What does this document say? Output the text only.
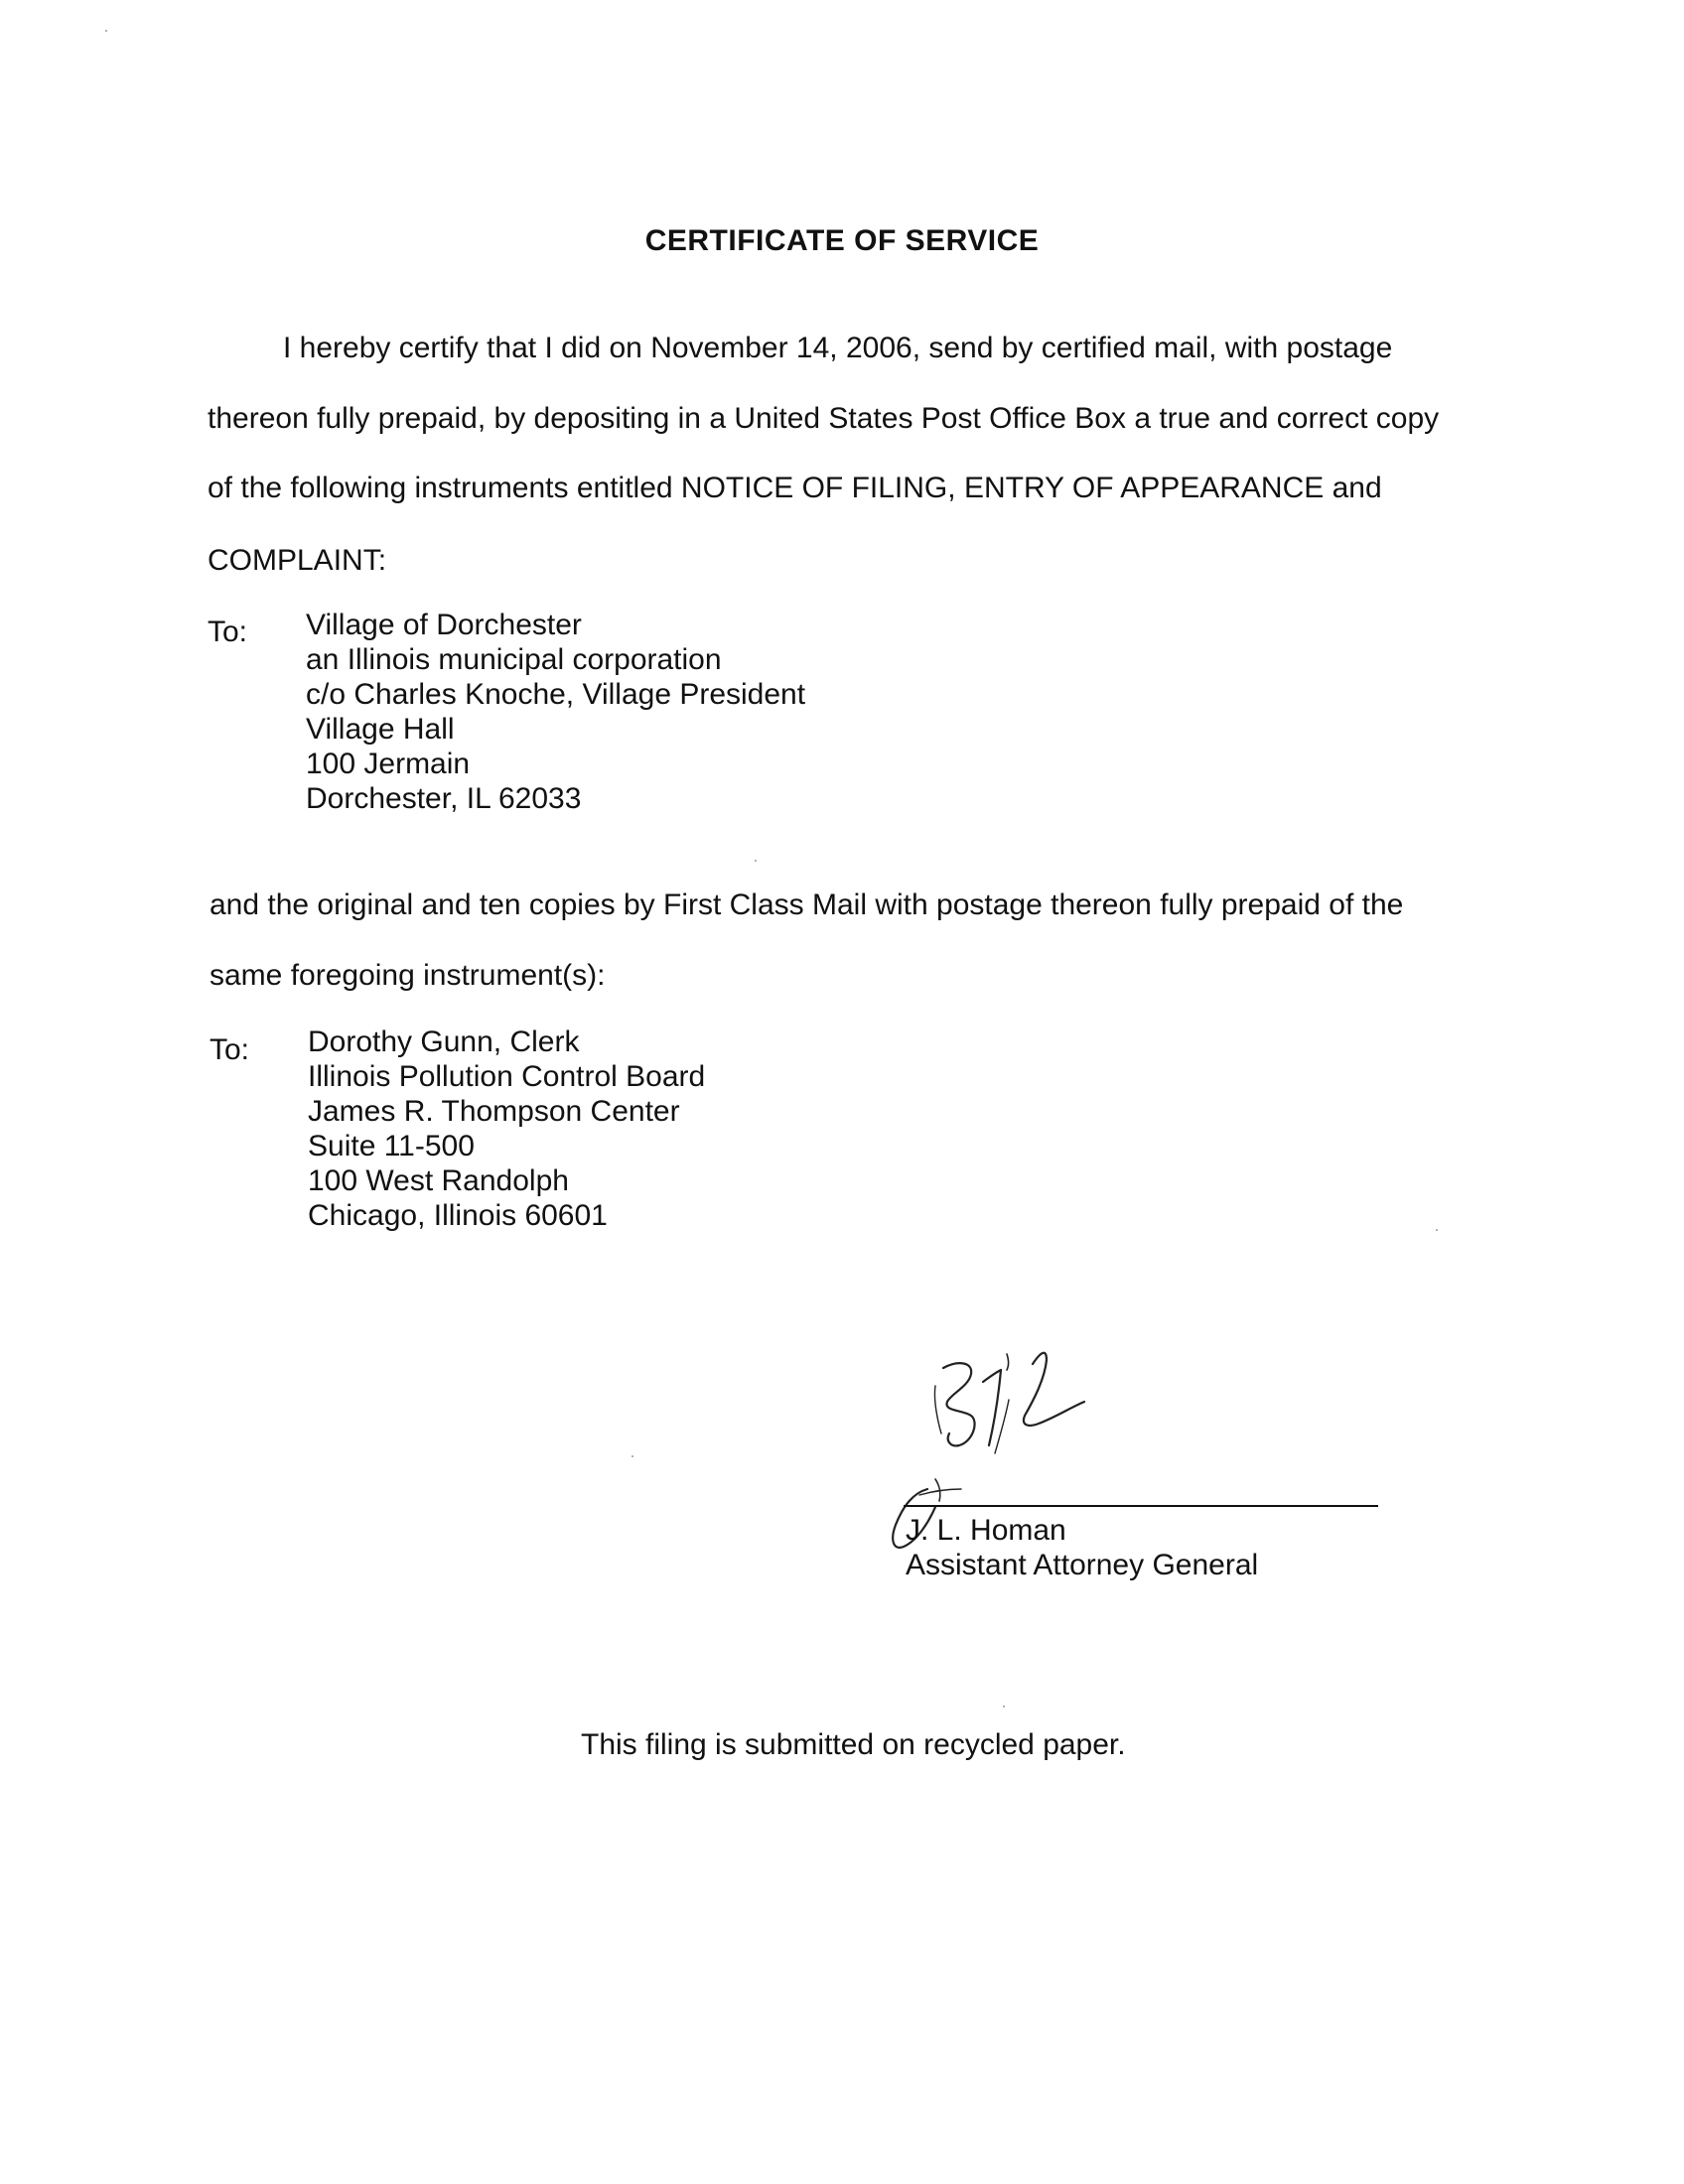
CERTIFICATE OF SERVICE
I hereby certify that I did on November 14, 2006, send by certified mail, with postage
thereon fully prepaid, by depositing in a United States Post Office Box a true and correct copy
of the following instruments entitled NOTICE OF FILING, ENTRY OF APPEARANCE and
COMPLAINT:
To: Village of Dorchester
an Illinois municipal corporation
c/o Charles Knoche, Village President
Village Hall
100 Jermain
Dorchester, IL 62033
and the original and ten copies by First Class Mail with postage thereon fully prepaid of the
same foregoing instrument(s):
To: Dorothy Gunn, Clerk
Illinois Pollution Control Board
James R. Thompson Center
Suite 11-500
100 West Randolph
Chicago, Illinois 60601
J. L. Homan
Assistant Attorney General
This filing is submitted on recycled paper.
